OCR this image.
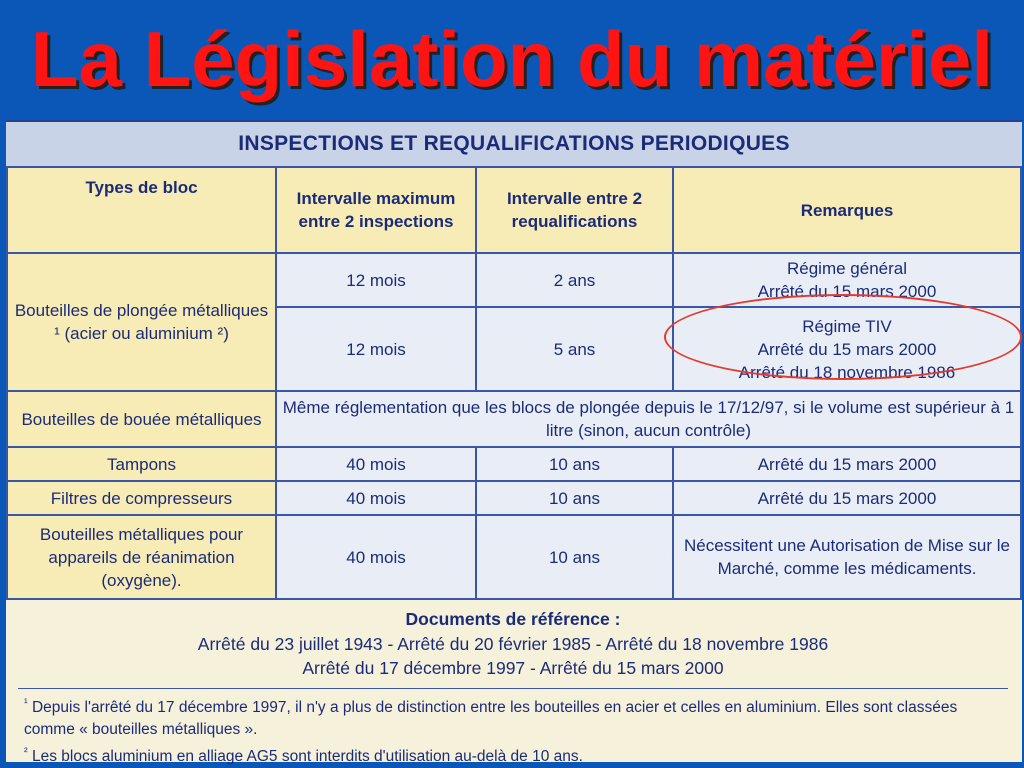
La Législation du matériel
INSPECTIONS ET REQUALIFICATIONS PERIODIQUES
Types de bloc	Intervalle maximum entre 2 inspections	Intervalle entre 2 requalifications	Remarques
Bouteilles de plongée métalliques ¹ (acier ou aluminium ²)	12 mois	2 ans	Régime général
Arrêté du 15 mars 2000

	12 mois	5 ans	Régime TIV
Arrêté du 15 mars 2000
Arrêté du 18 novembre 1986

Bouteilles de bouée métalliques	Même réglementation que les blocs de plongée depuis le 17/12/97, si le volume est supérieur à 1 litre (sinon, aucun contrôle)		
Tampons	40 mois	10 ans	Arrêté du 15 mars 2000
Filtres de compresseurs	40 mois	10 ans	Arrêté du 15 mars 2000
Bouteilles métalliques pour appareils de réanimation (oxygène).	40 mois	10 ans	Nécessitent une Autorisation de Mise sur le Marché, comme les médicaments.
Documents de référence :
Arrêté du 23 juillet 1943 - Arrêté du 20 février 1985 - Arrêté du 18 novembre 1986
Arrêté du 17 décembre 1997 - Arrêté du 15 mars 2000
$^{^1}$ Depuis l'arrêté du 17 décembre 1997, il n'y a plus de distinction entre les bouteilles en acier et celles en aluminium. Elles sont classées comme « bouteilles métalliques ».
$^{^2}$ Les blocs aluminium en alliage AG5 sont interdits d'utilisation au-delà de 10 ans.
